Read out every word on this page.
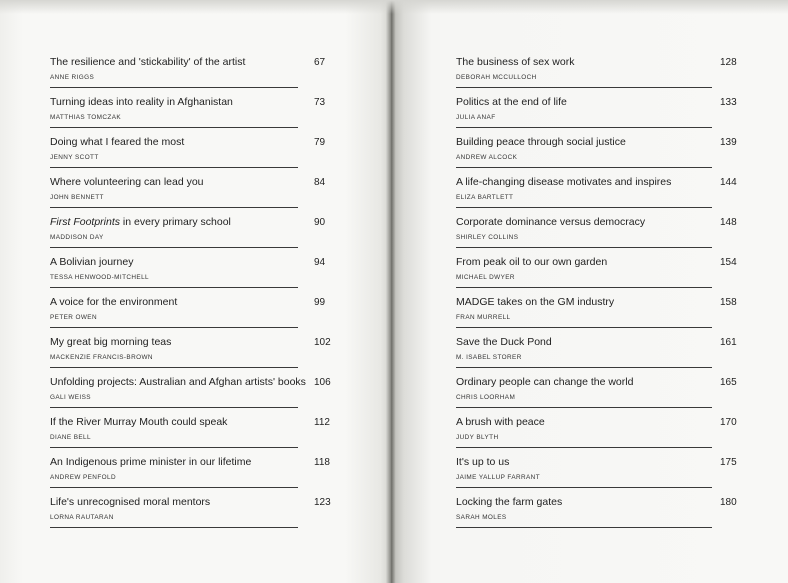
The resilience and 'stickability' of the artist
ANNE RIGGS
67
Turning ideas into reality in Afghanistan
MATTHIAS TOMCZAK
73
Doing what I feared the most
JENNY SCOTT
79
Where volunteering can lead you
JOHN BENNETT
84
First Footprints in every primary school
MADDISON DAY
90
A Bolivian journey
TESSA HENWOOD-MITCHELL
94
A voice for the environment
PETER OWEN
99
My great big morning teas
MACKENZIE FRANCIS-BROWN
102
Unfolding projects: Australian and Afghan artists' books
GALI WEISS
106
If the River Murray Mouth could speak
DIANE BELL
112
An Indigenous prime minister in our lifetime
ANDREW PENFOLD
118
Life's unrecognised moral mentors
LORNA RAUTARAN
123
The business of sex work
DEBORAH MCCULLOCH
128
Politics at the end of life
JULIA ANAF
133
Building peace through social justice
ANDREW ALCOCK
139
A life-changing disease motivates and inspires
ELIZA BARTLETT
144
Corporate dominance versus democracy
SHIRLEY COLLINS
148
From peak oil to our own garden
MICHAEL DWYER
154
MADGE takes on the GM industry
FRAN MURRELL
158
Save the Duck Pond
M. ISABEL STORER
161
Ordinary people can change the world
CHRIS LOORHAM
165
A brush with peace
JUDY BLYTH
170
It's up to us
JAIME YALLUP FARRANT
175
Locking the farm gates
SARAH MOLES
180
